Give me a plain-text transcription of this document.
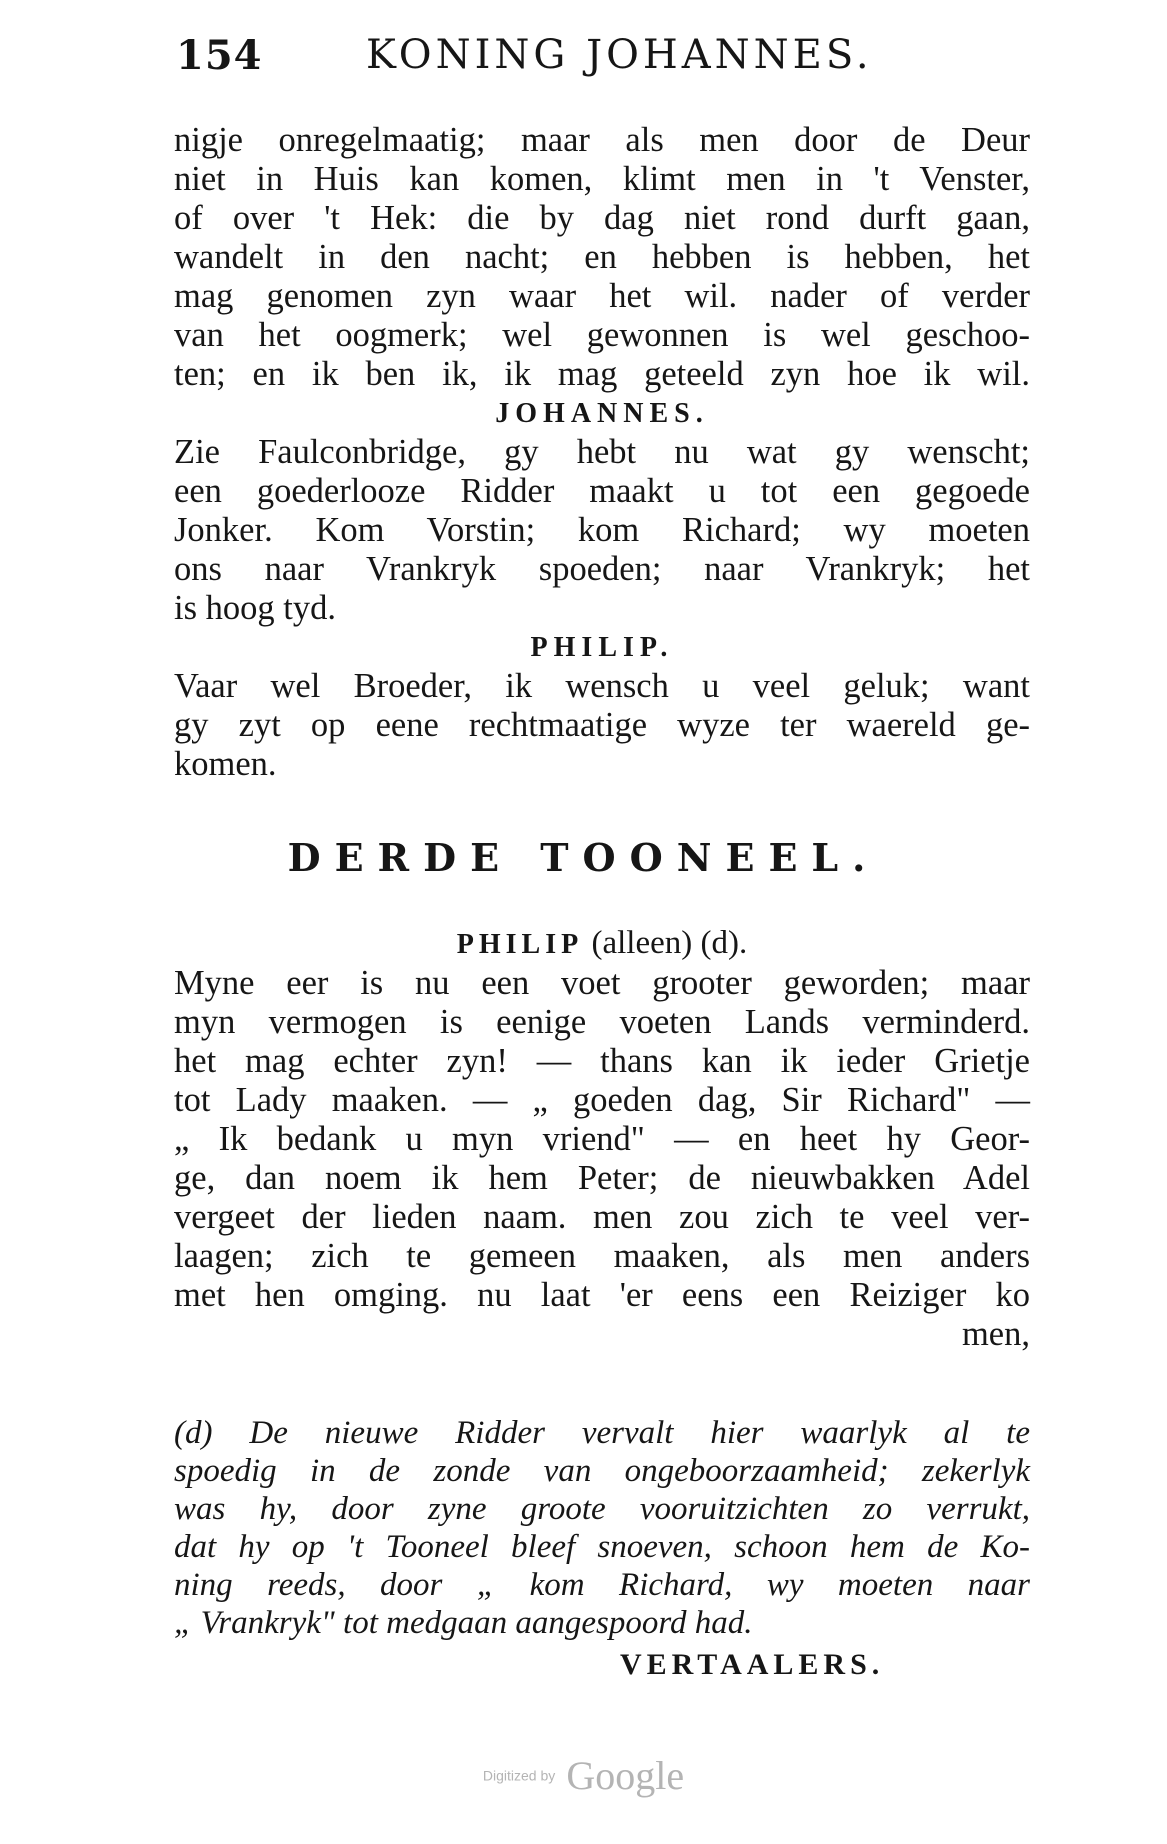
154	KONING JOHANNES.
nigje onregelmaatig; maar als men door de Deur
niet in Huis kan komen, klimt men in 't Venster,
of over 't Hek: die by dag niet rond durft gaan,
wandelt in den nacht; en hebben is hebben, het
mag genomen zyn waar het wil. nader of verder
van het oogmerk; wel gewonnen is wel geschoo-
ten; en ik ben ik, ik mag geteeld zyn hoe ik wil.
JOHANNES.
Zie Faulconbridge, gy hebt nu wat gy wenscht;
een goederlooze Ridder maakt u tot een gegoede
Jonker. Kom Vorstin; kom Richard; wy moeten
ons naar Vrankryk spoeden; naar Vrankryk; het
is hoog tyd.
PHILIP.
Vaar wel Broeder, ik wensch u veel geluk; want
gy zyt op eene rechtmaatige wyze ter waereld ge-
komen.
DERDE TOONEEL.
PHILIP (alleen) (d).
Myne eer is nu een voet grooter geworden; maar
myn vermogen is eenige voeten Lands verminderd.
het mag echter zyn! — thans kan ik ieder Grietje
tot Lady maaken. — „ goeden dag, Sir Richard" —
„ Ik bedank u myn vriend" — en heet hy Geor-
ge, dan noem ik hem Peter; de nieuwbakken Adel
vergeet der lieden naam. men zou zich te veel ver-
laagen; zich te gemeen maaken, als men anders
met hen omging. nu laat 'er eens een Reiziger ko
men,
(d) De nieuwe Ridder vervalt hier waarlyk al te
spoedig in de zonde van ongeboorzaamheid; zekerlyk
was hy, door zyne groote vooruitzichten zo verrukt,
dat hy op 't Tooneel bleef snoeven, schoon hem de Ko-
ning reeds, door „ kom Richard, wy moeten naar
„ Vrankryk" tot medgaan aangespoord had.
VERTAALERS.
Digitized by Google
